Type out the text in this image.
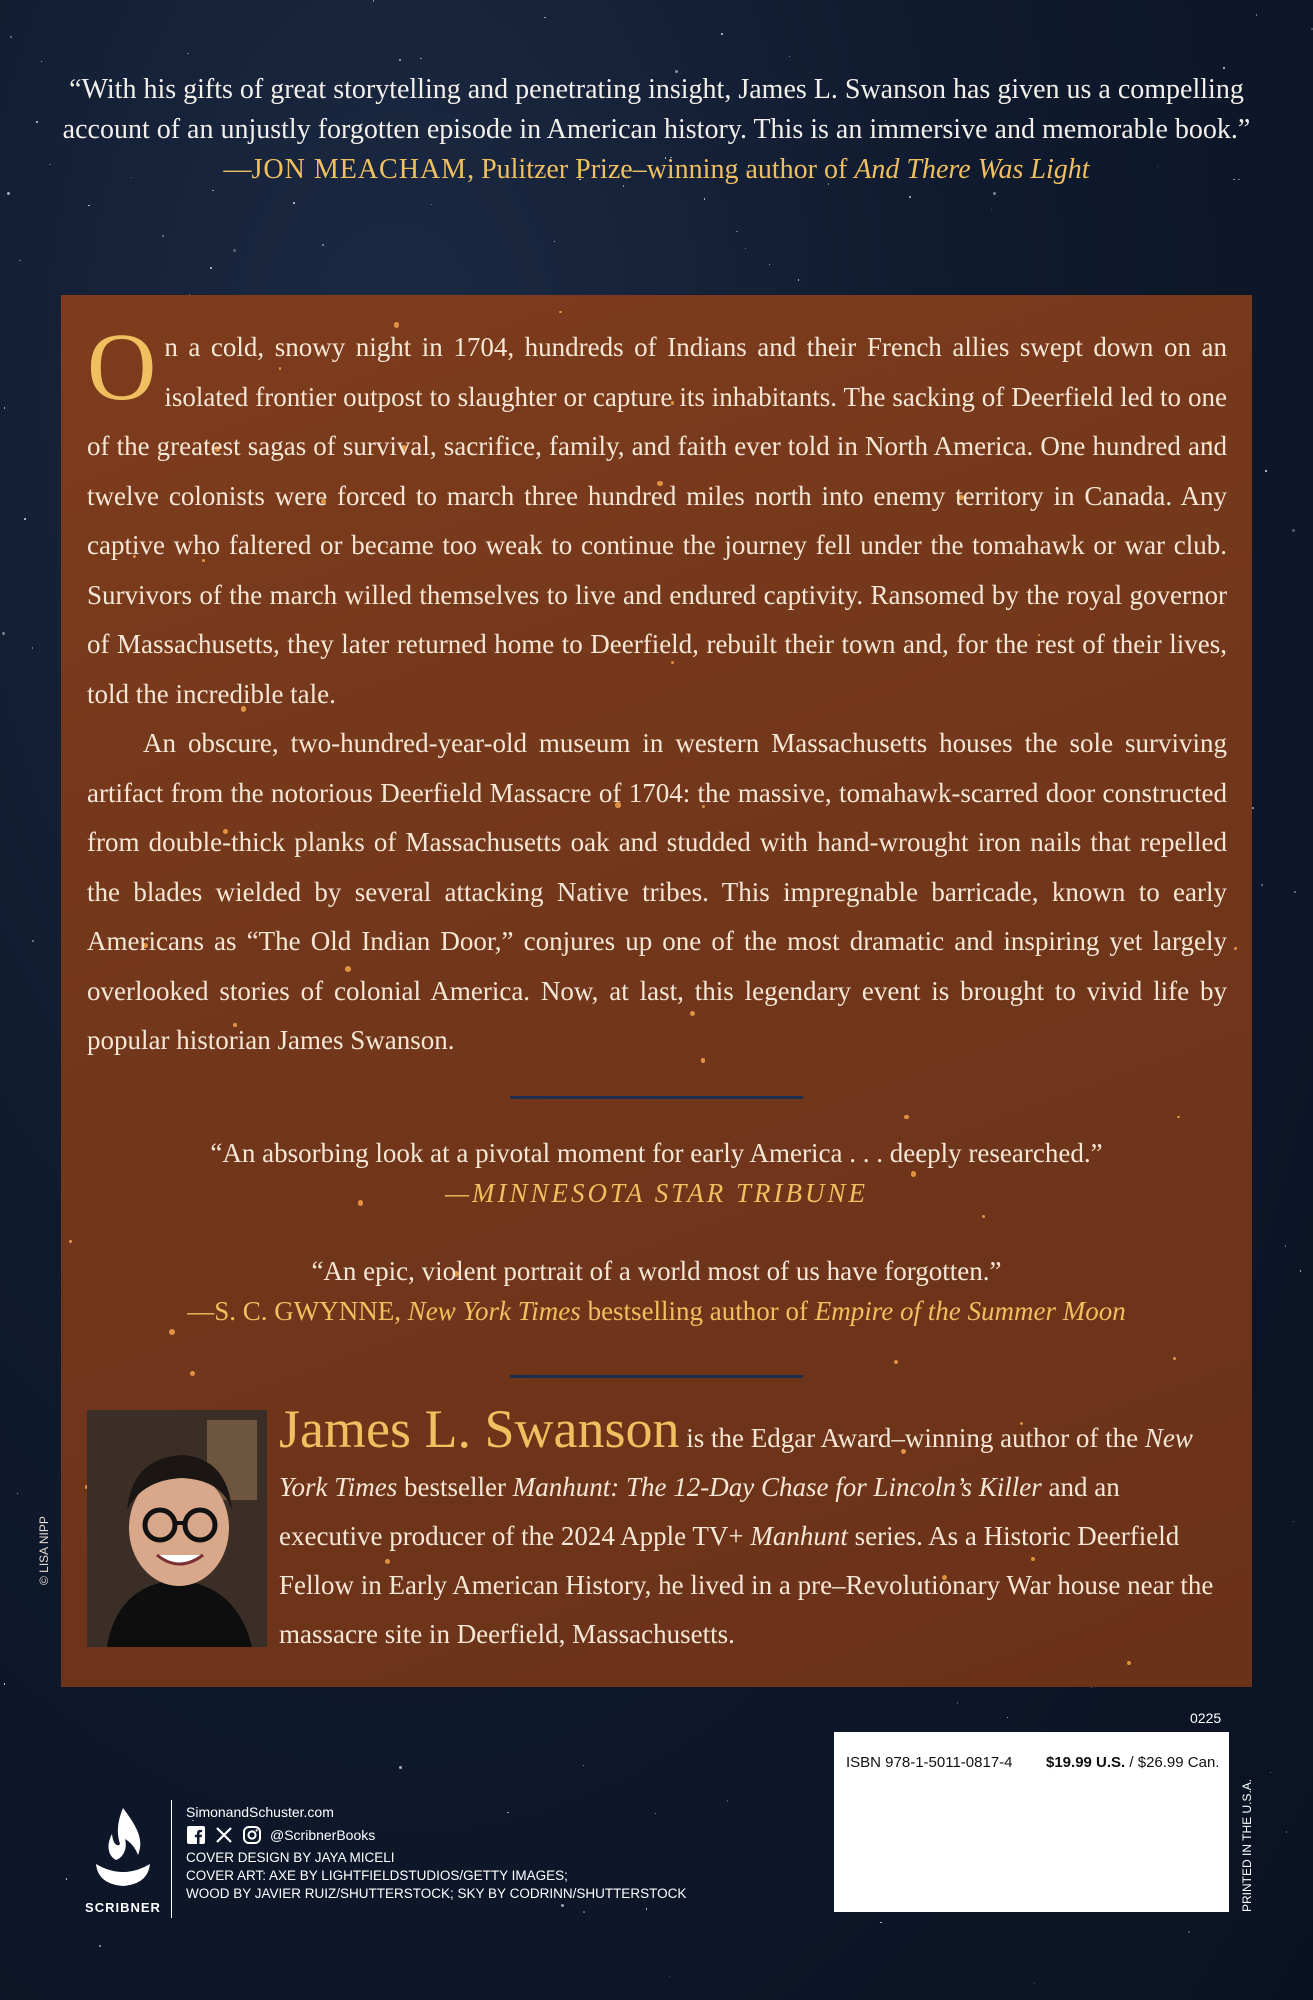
“With his gifts of great storytelling and penetrating insight, James L. Swanson has given us a compelling account of an unjustly forgotten episode in American history. This is an immersive and memorable book.”
—JON MEACHAM, Pulitzer Prize–winning author of And There Was Light

On a cold, snowy night in 1704, hundreds of Indians and their French allies swept down on an isolated frontier outpost to slaughter or capture its inhabitants. The sacking of Deerfield led to one of the greatest sagas of survival, sacrifice, family, and faith ever told in North America. One hundred and twelve colonists were forced to march three hundred miles north into enemy territory in Canada. Any captive who faltered or became too weak to continue the journey fell under the tomahawk or war club. Survivors of the march willed themselves to live and endured captivity. Ransomed by the royal governor of Massachusetts, they later returned home to Deerfield, rebuilt their town and, for the rest of their lives, told the incredible tale.

An obscure, two-hundred-year-old museum in western Massachusetts houses the sole surviving artifact from the notorious Deerfield Massacre of 1704: the massive, tomahawk-scarred door constructed from double-thick planks of Massachusetts oak and studded with hand-wrought iron nails that repelled the blades wielded by several attacking Native tribes. This impregnable barricade, known to early Americans as “The Old Indian Door,” conjures up one of the most dramatic and inspiring yet largely overlooked stories of colonial America. Now, at last, this legendary event is brought to vivid life by popular historian James Swanson.

“An absorbing look at a pivotal moment for early America . . . deeply researched.”
—MINNESOTA STAR TRIBUNE
“An epic, violent portrait of a world most of us have forgotten.”
—S. C. GWYNNE, New York Times bestselling author of Empire of the Summer Moon
© LISA NIPP
James L. Swanson is the Edgar Award–winning author of the New York Times bestseller Manhunt: The 12-Day Chase for Lincoln’s Killer and an executive producer of the 2024 Apple TV+ Manhunt series. As a Historic Deerfield Fellow in Early American History, he lived in a pre–Revolutionary War house near the massacre site in Deerfield, Massachusetts.
0225
ISBN 978-1-5011-0817-4 $19.99 U.S. / $26.99 Can.
PRINTED IN THE U.S.A.
SCRIBNER
SimonandSchuster.com
@ScribnerBooks
COVER DESIGN BY JAYA MICELI
COVER ART: AXE BY LIGHTFIELDSTUDIOS/GETTY IMAGES;
WOOD BY JAVIER RUIZ/SHUTTERSTOCK; SKY BY CODRINN/SHUTTERSTOCK
